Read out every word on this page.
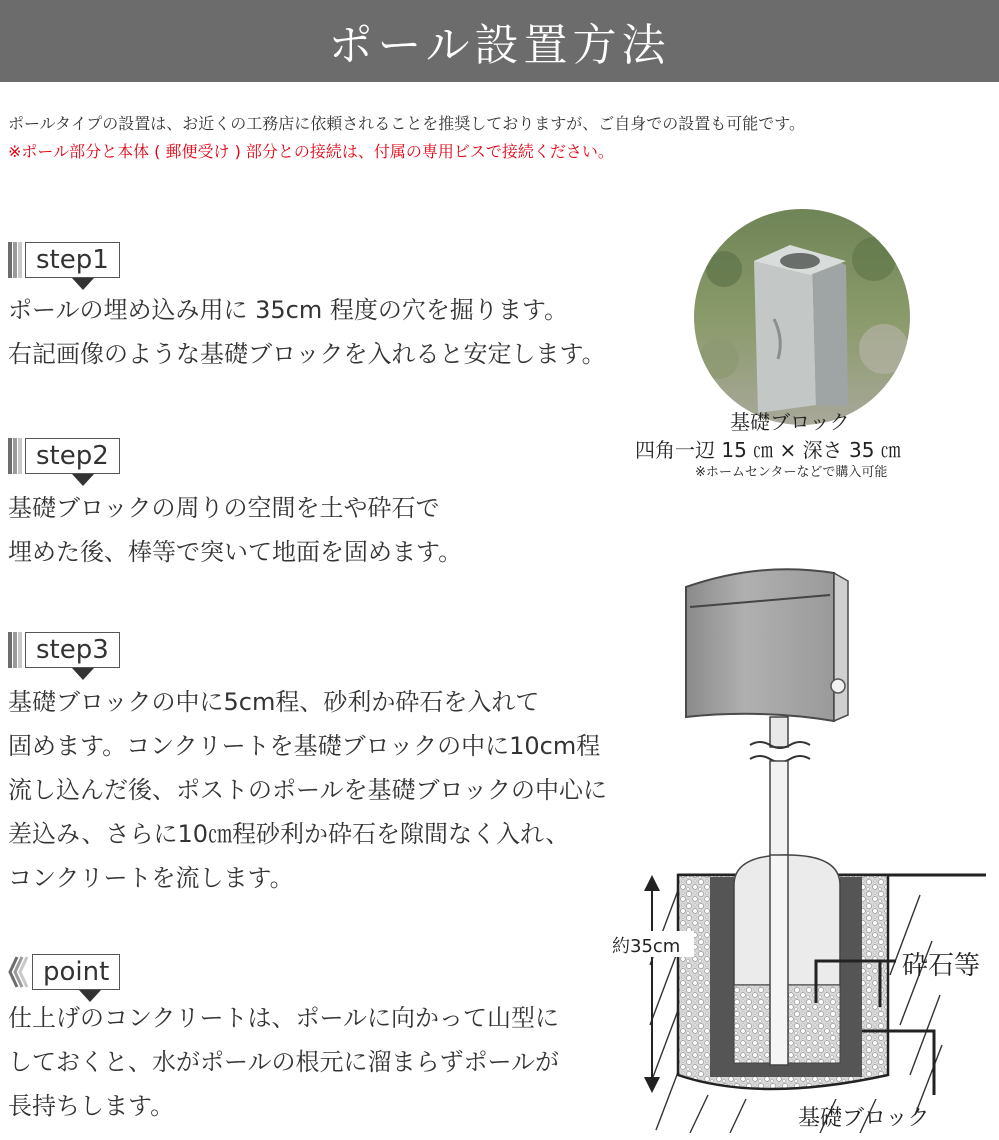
ポール設置方法
ポールタイプの設置は、お近くの工務店に依頼されることを推奨しておりますが、ご自身での設置も可能です。
※ポール部分と本体 ( 郵便受け ) 部分との接続は、付属の専用ビスで接続ください。
step1
ポールの埋め込み用に 35cm 程度の穴を掘ります。
右記画像のような基礎ブロックを入れると安定します。
step2
基礎ブロックの周りの空間を土や砕石で
埋めた後、棒等で突いて地面を固めます。
step3
基礎ブロックの中に5cm程、砂利か砕石を入れて
固めます。コンクリートを基礎ブロックの中に10cm程
流し込んだ後、ポストのポールを基礎ブロックの中心に
差込み、さらに10㎝程砂利か砕石を隙間なく入れ、
コンクリートを流します。
point
仕上げのコンクリートは、ポールに向かって山型に
しておくと、水がポールの根元に溜まらずポールが
長持ちします。
基礎ブロック
四角一辺 15 ㎝ × 深さ 35 ㎝
※ホームセンターなどで購入可能
約35cm
砕石等
基礎ブロック
